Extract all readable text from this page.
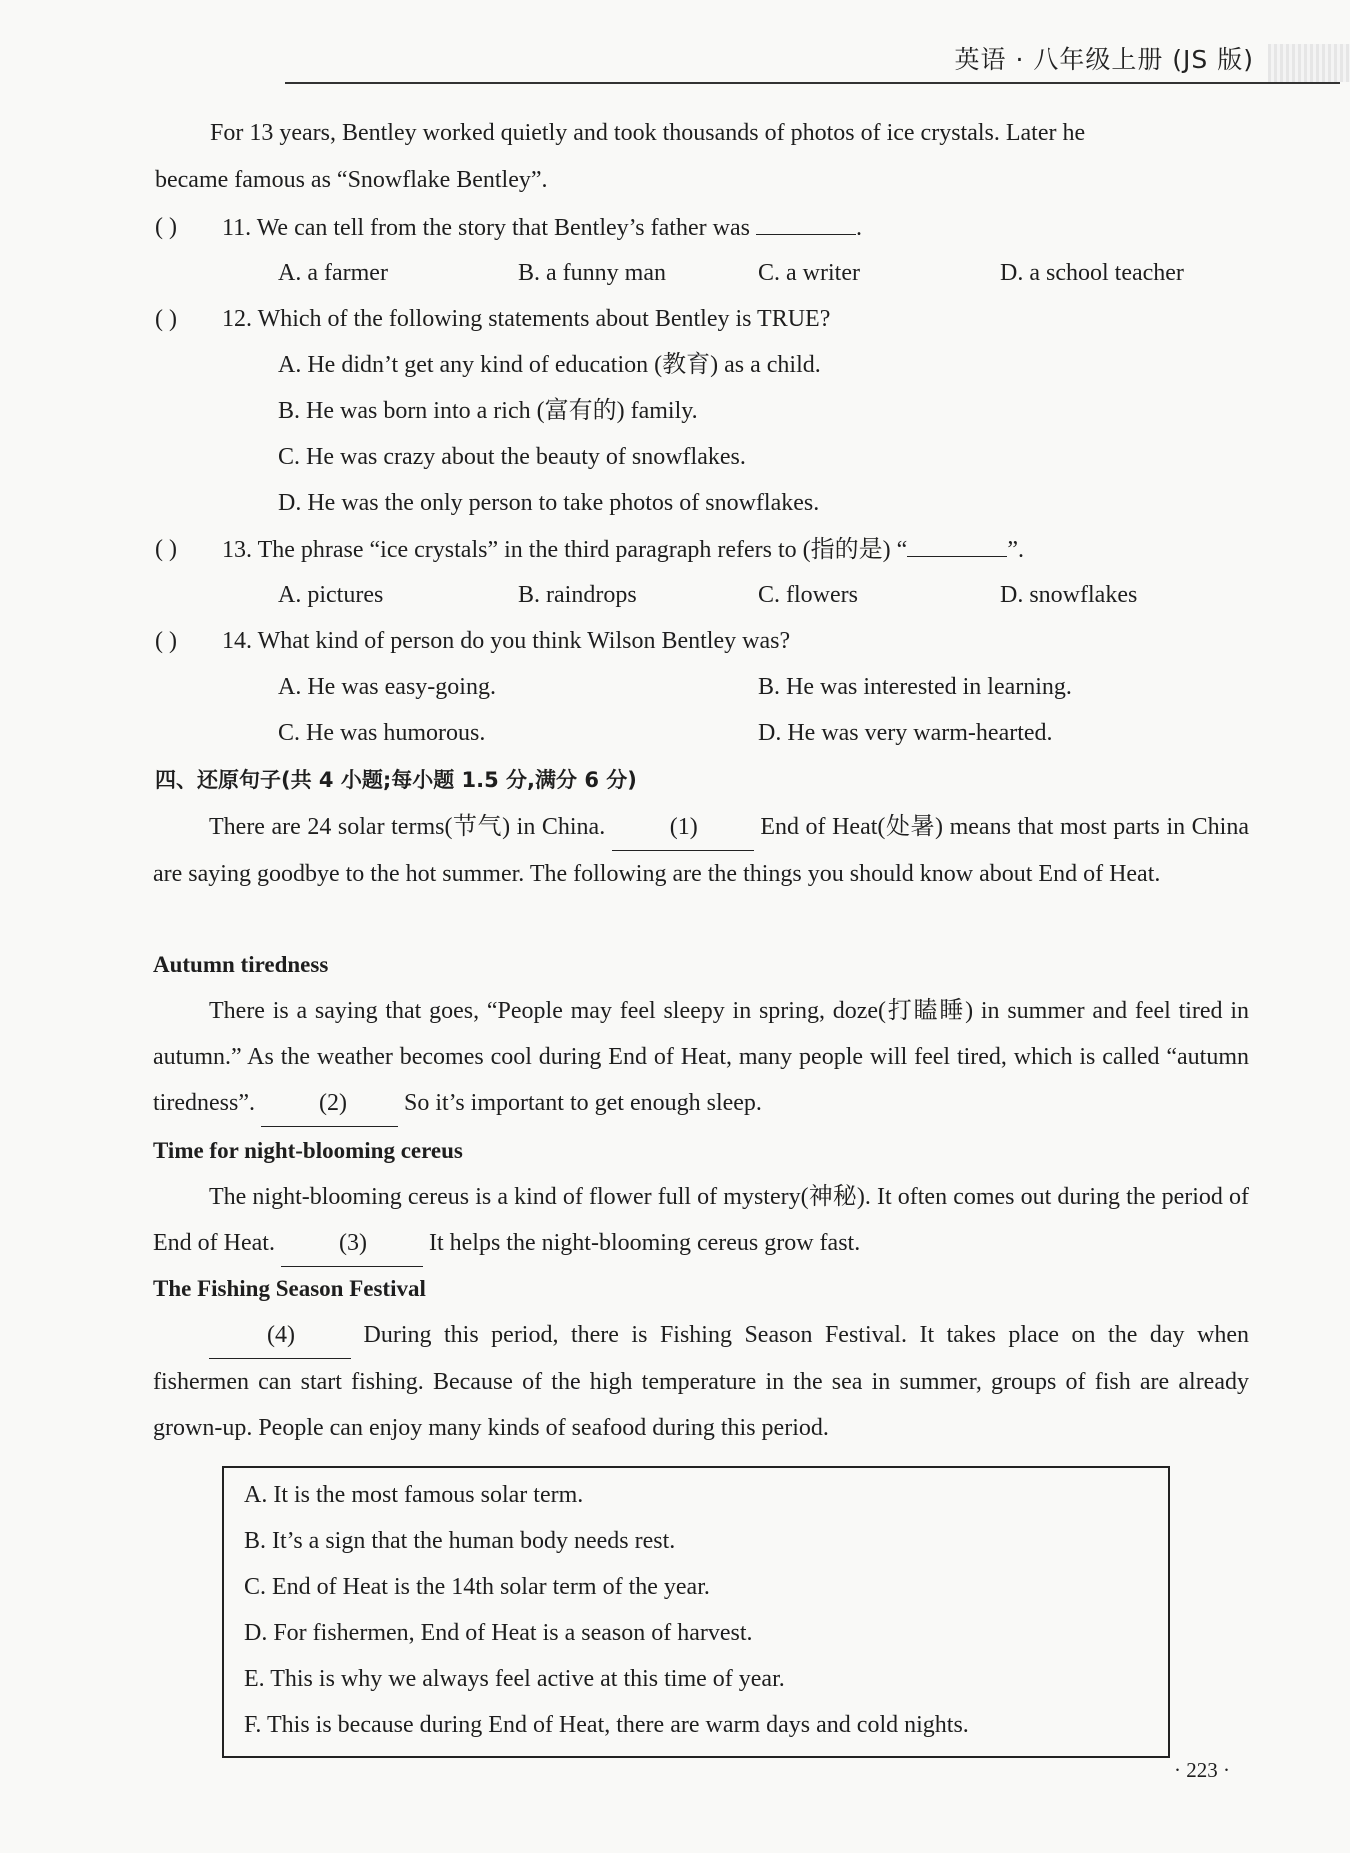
英语 · 八年级上册 (JS 版)
For 13 years, Bentley worked quietly and took thousands of photos of ice crystals. Later he
became famous as “Snowflake Bentley”.
( ) 11. We can tell from the story that Bentley’s father was	.
A. a farmer	B. a funny man	C. a writer	D. a school teacher
( ) 12. Which of the following statements about Bentley is TRUE?
A. He didn’t get any kind of education (教育) as a child.
B. He was born into a rich (富有的) family.
C. He was crazy about the beauty of snowflakes.
D. He was the only person to take photos of snowflakes.
( ) 13. The phrase “ice crystals” in the third paragraph refers to (指的是) “	”.
A. pictures	B. raindrops	C. flowers	D. snowflakes
( ) 14. What kind of person do you think Wilson Bentley was?
A. He was easy-going.	B. He was interested in learning.
C. He was humorous.	D. He was very warm-hearted.
四、还原句子(共 4 小题;每小题 1.5 分,满分 6 分)
There are 24 solar terms(节气) in China.	(1)	End of Heat(处暑) means that most parts in China are saying goodbye to the hot summer. The following are the things you should know about End of Heat.
Autumn tiredness
There is a saying that goes, “People may feel sleepy in spring, doze(打瞌睡) in summer and feel tired in autumn.” As the weather becomes cool during End of Heat, many people will feel tired, which is called “autumn tiredness”.	(2) So it’s important to get enough sleep.
Time for night-blooming cereus
The night-blooming cereus is a kind of flower full of mystery(神秘). It often comes out during the period of End of Heat.	(3)	It helps the night-blooming cereus grow fast.
The Fishing Season Festival
(4)	During this period, there is Fishing Season Festival. It takes place on the day when fishermen can start fishing. Because of the high temperature in the sea in summer, groups of fish are already grown-up. People can enjoy many kinds of seafood during this period.
A. It is the most famous solar term.
B. It’s a sign that the human body needs rest.
C. End of Heat is the 14th solar term of the year.
D. For fishermen, End of Heat is a season of harvest.
E. This is why we always feel active at this time of year.
F. This is because during End of Heat, there are warm days and cold nights.
· 223 ·
